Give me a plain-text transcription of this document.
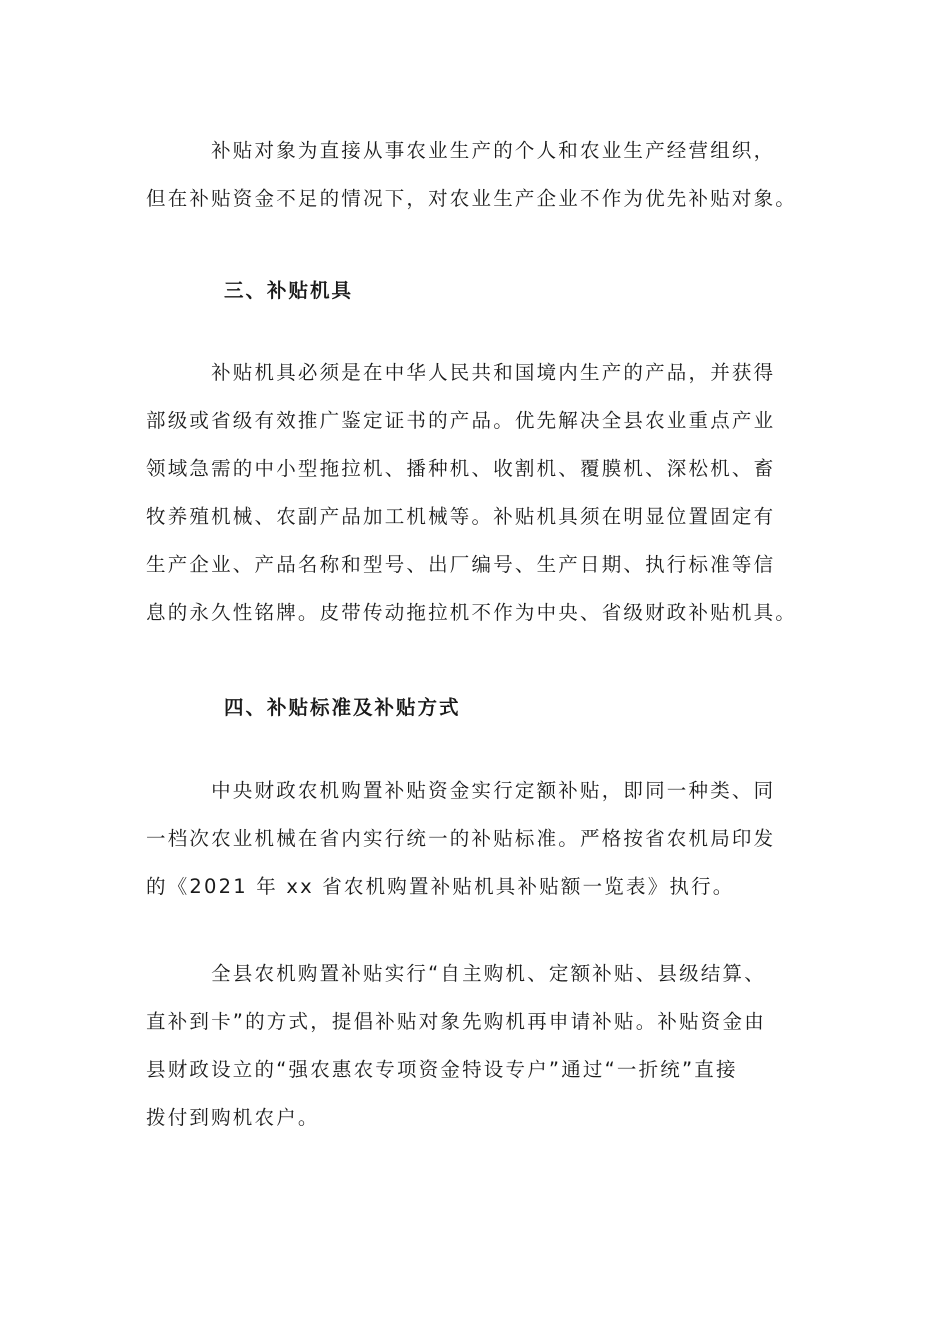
　　　补贴对象为直接从事农业生产的个人和农业生产经营组织，
但在补贴资金不足的情况下，对农业生产企业不作为优先补贴对象。
三、补贴机具
　　　补贴机具必须是在中华人民共和国境内生产的产品，并获得
部级或省级有效推广鉴定证书的产品。优先解决全县农业重点产业
领域急需的中小型拖拉机、播种机、收割机、覆膜机、深松机、畜
牧养殖机械、农副产品加工机械等。补贴机具须在明显位置固定有
生产企业、产品名称和型号、出厂编号、生产日期、执行标准等信
息的永久性铭牌。皮带传动拖拉机不作为中央、省级财政补贴机具。
四、补贴标准及补贴方式
　　　中央财政农机购置补贴资金实行定额补贴，即同一种类、同
一档次农业机械在省内实行统一的补贴标准。严格按省农机局印发
的《2021 年 xx 省农机购置补贴机具补贴额一览表》执行。
　　　全县农机购置补贴实行“自主购机、定额补贴、县级结算、
直补到卡”的方式，提倡补贴对象先购机再申请补贴。补贴资金由
县财政设立的“强农惠农专项资金特设专户”通过“一折统”直接
拨付到购机农户。
